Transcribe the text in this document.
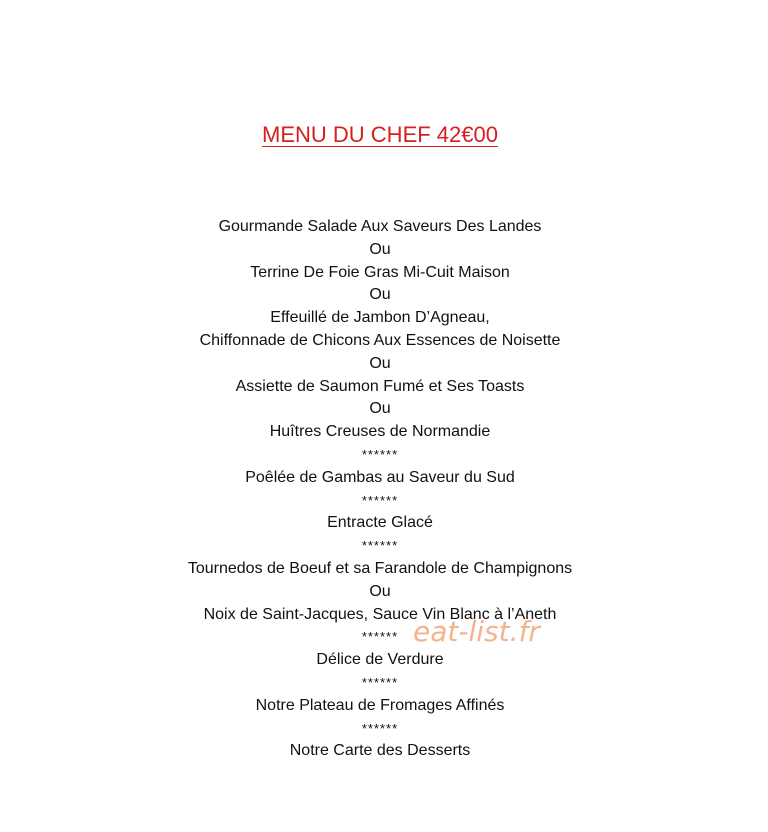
MENU DU CHEF 42€00
Gourmande Salade Aux Saveurs Des Landes
Ou
Terrine De Foie Gras Mi-Cuit Maison
Ou
Effeuillé de Jambon D’Agneau,
Chiffonnade de Chicons Aux Essences de Noisette
Ou
Assiette de Saumon Fumé et Ses Toasts
Ou
Huîtres Creuses de Normandie
******
Poêlée de Gambas au Saveur du Sud
******
Entracte Glacé
******
Tournedos de Boeuf et sa Farandole de Champignons
Ou
Noix de Saint-Jacques, Sauce Vin Blanc à l’Aneth
******
Délice de Verdure
******
Notre Plateau de Fromages Affinés
******
Notre Carte des Desserts
eat-list.fr
